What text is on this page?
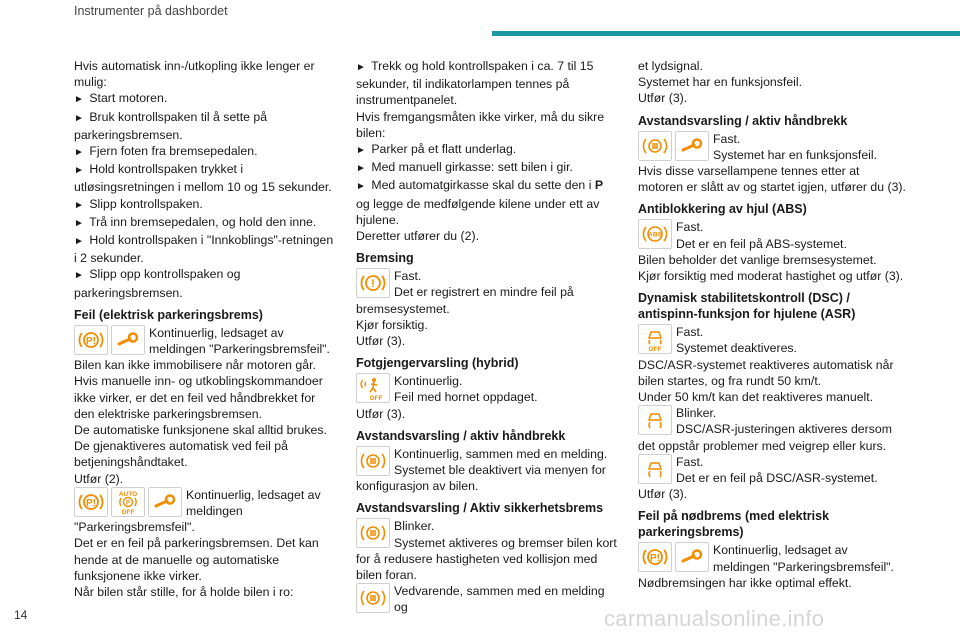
Instrumenter på dashbordet

Hvis automatisk inn-/utkopling ikke lenger er mulig:

► Start motoren.

► Bruk kontrollspaken til å sette på parkeringsbremsen.

► Fjern foten fra bremsepedalen.

► Hold kontrollspaken trykket i utløsingsretningen i mellom 10 og 15 sekunder.

► Slipp kontrollspaken.

► Trå inn bremsepedalen, og hold den inne.

► Hold kontrollspaken i "Innkoblings"-retningen i 2 sekunder.

► Slipp opp kontrollspaken og parkeringsbremsen.

Feil (elektrisk parkeringsbrems)
P!
Kontinuerlig, ledsaget av meldingen "Parkeringsbremsfeil".

Bilen kan ikke immobilisere når motoren går.

Hvis manuelle inn- og utkoblingskommandoer ikke virker, er det en feil ved håndbrekket for den elektriske parkeringsbremsen.

De automatiske funksjonene skal alltid brukes.

De gjenaktiveres automatisk ved feil på betjeningshåndtaket.

Utfør (2).

P!
AUTO
P
OFF
Kontinuerlig, ledsaget av meldingen

"Parkeringsbremsfeil".

Det er en feil på parkeringsbremsen. Det kan hende at de manuelle og automatiske funksjonene ikke virker.

Når bilen står stille, for å holde bilen i ro:

► Trekk og hold kontrollspaken i ca. 7 til 15 sekunder, til indikatorlampen tennes på instrumentpanelet.

Hvis fremgangsmåten ikke virker, må du sikre bilen:

► Parker på et flatt underlag.

► Med manuell girkasse: sett bilen i gir.

► Med automatgirkasse skal du sette den i P og legge de medfølgende kilene under ett av hjulene.

Deretter utfører du (2).

Bremsing
!
Fast.
Det er registrert en mindre feil på

bremsesystemet.

Kjør forsiktig.

Utfør (3).

Fotgjengervarsling (hybrid)
OFF
Kontinuerlig.
Feil med hornet oppdaget.

Utfør (3).

Avstandsvarsling / aktiv håndbrekk
Kontinuerlig, sammen med en melding.
Systemet ble deaktivert via menyen for

konfigurasjon av bilen.

Avstandsvarsling / Aktiv sikkerhetsbrems
Blinker.
Systemet aktiveres og bremser bilen kort

for å redusere hastigheten ved kollisjon med bilen foran.

Vedvarende, sammen med en melding og

et lydsignal.

Systemet har en funksjonsfeil.

Utfør (3).

Avstandsvarsling / aktiv håndbrekk
Fast.
Systemet har en funksjonsfeil.

Hvis disse varsellampene tennes etter at motoren er slått av og startet igjen, utfører du (3).

Antiblokkering av hjul (ABS)
ABS
Fast.
Det er en feil på ABS-systemet.

Bilen beholder det vanlige bremsesystemet.

Kjør forsiktig med moderat hastighet og utfør (3).

Dynamisk stabilitetskontroll (DSC) / antispinn-funksjon for hjulene (ASR)
OFF
Fast.
Systemet deaktiveres.

DSC/ASR-systemet reaktiveres automatisk når bilen startes, og fra rundt 50 km/t.

Under 50 km/t kan det reaktiveres manuelt.

Blinker.
DSC/ASR-justeringen aktiveres dersom

det oppstår problemer med veigrep eller kurs.

Fast.
Det er en feil på DSC/ASR-systemet.

Utfør (3).

Feil på nødbrems (med elektrisk parkeringsbrems)
P!
Kontinuerlig, ledsaget av meldingen "Parkeringsbremsfeil".

Nødbremsingen har ikke optimal effekt.

14	carmanualsonline.info
